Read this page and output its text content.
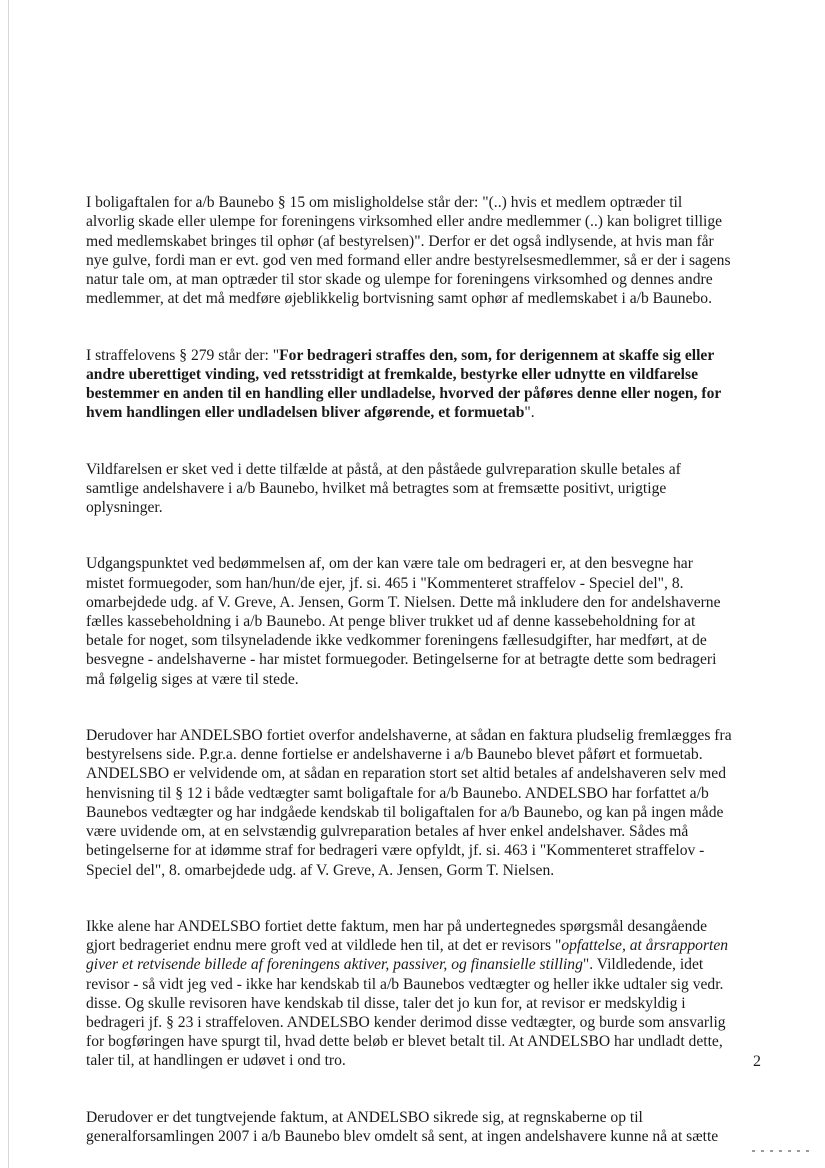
I boligaftalen for a/b Baunebo § 15 om misligholdelse står der: "(..) hvis et medlem optræder til
alvorlig skade eller ulempe for foreningens virksomhed eller andre medlemmer (..) kan boligret tillige
med medlemskabet bringes til ophør (af bestyrelsen)". Derfor er det også indlysende, at hvis man får
nye gulve, fordi man er evt. god ven med formand eller andre bestyrelsesmedlemmer, så er der i sagens
natur tale om, at man optræder til stor skade og ulempe for foreningens virksomhed og dennes andre
medlemmer, at det må medføre øjeblikkelig bortvisning samt ophør af medlemskabet i a/b Baunebo.

I straffelovens § 279 står der: "For bedrageri straffes den, som, for derigennem at skaffe sig eller
andre uberettiget vinding, ved retsstridigt at fremkalde, bestyrke eller udnytte en vildfarelse
bestemmer en anden til en handling eller undladelse, hvorved der påføres denne eller nogen, for
hvem handlingen eller undladelsen bliver afgørende, et formuetab".

Vildfarelsen er sket ved i dette tilfælde at påstå, at den påståede gulvreparation skulle betales af
samtlige andelshavere i a/b Baunebo, hvilket må betragtes som at fremsætte positivt, urigtige
oplysninger.

Udgangspunktet ved bedømmelsen af, om der kan være tale om bedrageri er, at den besvegne har
mistet formuegoder, som han/hun/de ejer, jf. si. 465 i "Kommenteret straffelov - Speciel del", 8.
omarbejdede udg. af V. Greve, A. Jensen, Gorm T. Nielsen. Dette må inkludere den for andelshaverne
fælles kassebeholdning i a/b Baunebo. At penge bliver trukket ud af denne kassebeholdning for at
betale for noget, som tilsyneladende ikke vedkommer foreningens fællesudgifter, har medført, at de
besvegne - andelshaverne - har mistet formuegoder. Betingelserne for at betragte dette som bedrageri
må følgelig siges at være til stede.

Derudover har ANDELSBO fortiet overfor andelshaverne, at sådan en faktura pludselig fremlægges fra
bestyrelsens side. P.gr.a. denne fortielse er andelshaverne i a/b Baunebo blevet påført et formuetab.
ANDELSBO er velvidende om, at sådan en reparation stort set altid betales af andelshaveren selv med
henvisning til § 12 i både vedtægter samt boligaftale for a/b Baunebo. ANDELSBO har forfattet a/b
Baunebos vedtægter og har indgåede kendskab til boligaftalen for a/b Baunebo, og kan på ingen måde
være uvidende om, at en selvstændig gulvreparation betales af hver enkel andelshaver. Sådes må
betingelserne for at idømme straf for bedrageri være opfyldt, jf. si. 463 i "Kommenteret straffelov -
Speciel del", 8. omarbejdede udg. af V. Greve, A. Jensen, Gorm T. Nielsen.

Ikke alene har ANDELSBO fortiet dette faktum, men har på undertegnedes spørgsmål desangående
gjort bedrageriet endnu mere groft ved at vildlede hen til, at det er revisors "opfattelse, at årsrapporten
giver et retvisende billede af foreningens aktiver, passiver, og finansielle stilling". Vildledende, idet
revisor - så vidt jeg ved - ikke har kendskab til a/b Baunebos vedtægter og heller ikke udtaler sig vedr.
disse. Og skulle revisoren have kendskab til disse, taler det jo kun for, at revisor er medskyldig i
bedrageri jf. § 23 i straffeloven. ANDELSBO kender derimod disse vedtægter, og burde som ansvarlig
for bogføringen have spurgt til, hvad dette beløb er blevet betalt til. At ANDELSBO har undladt dette,
taler til, at handlingen er udøvet i ond tro.

Derudover er det tungtvejende faktum, at ANDELSBO sikrede sig, at regnskaberne op til
generalforsamlingen 2007 i a/b Baunebo blev omdelt så sent, at ingen andelshavere kunne nå at sætte

2
